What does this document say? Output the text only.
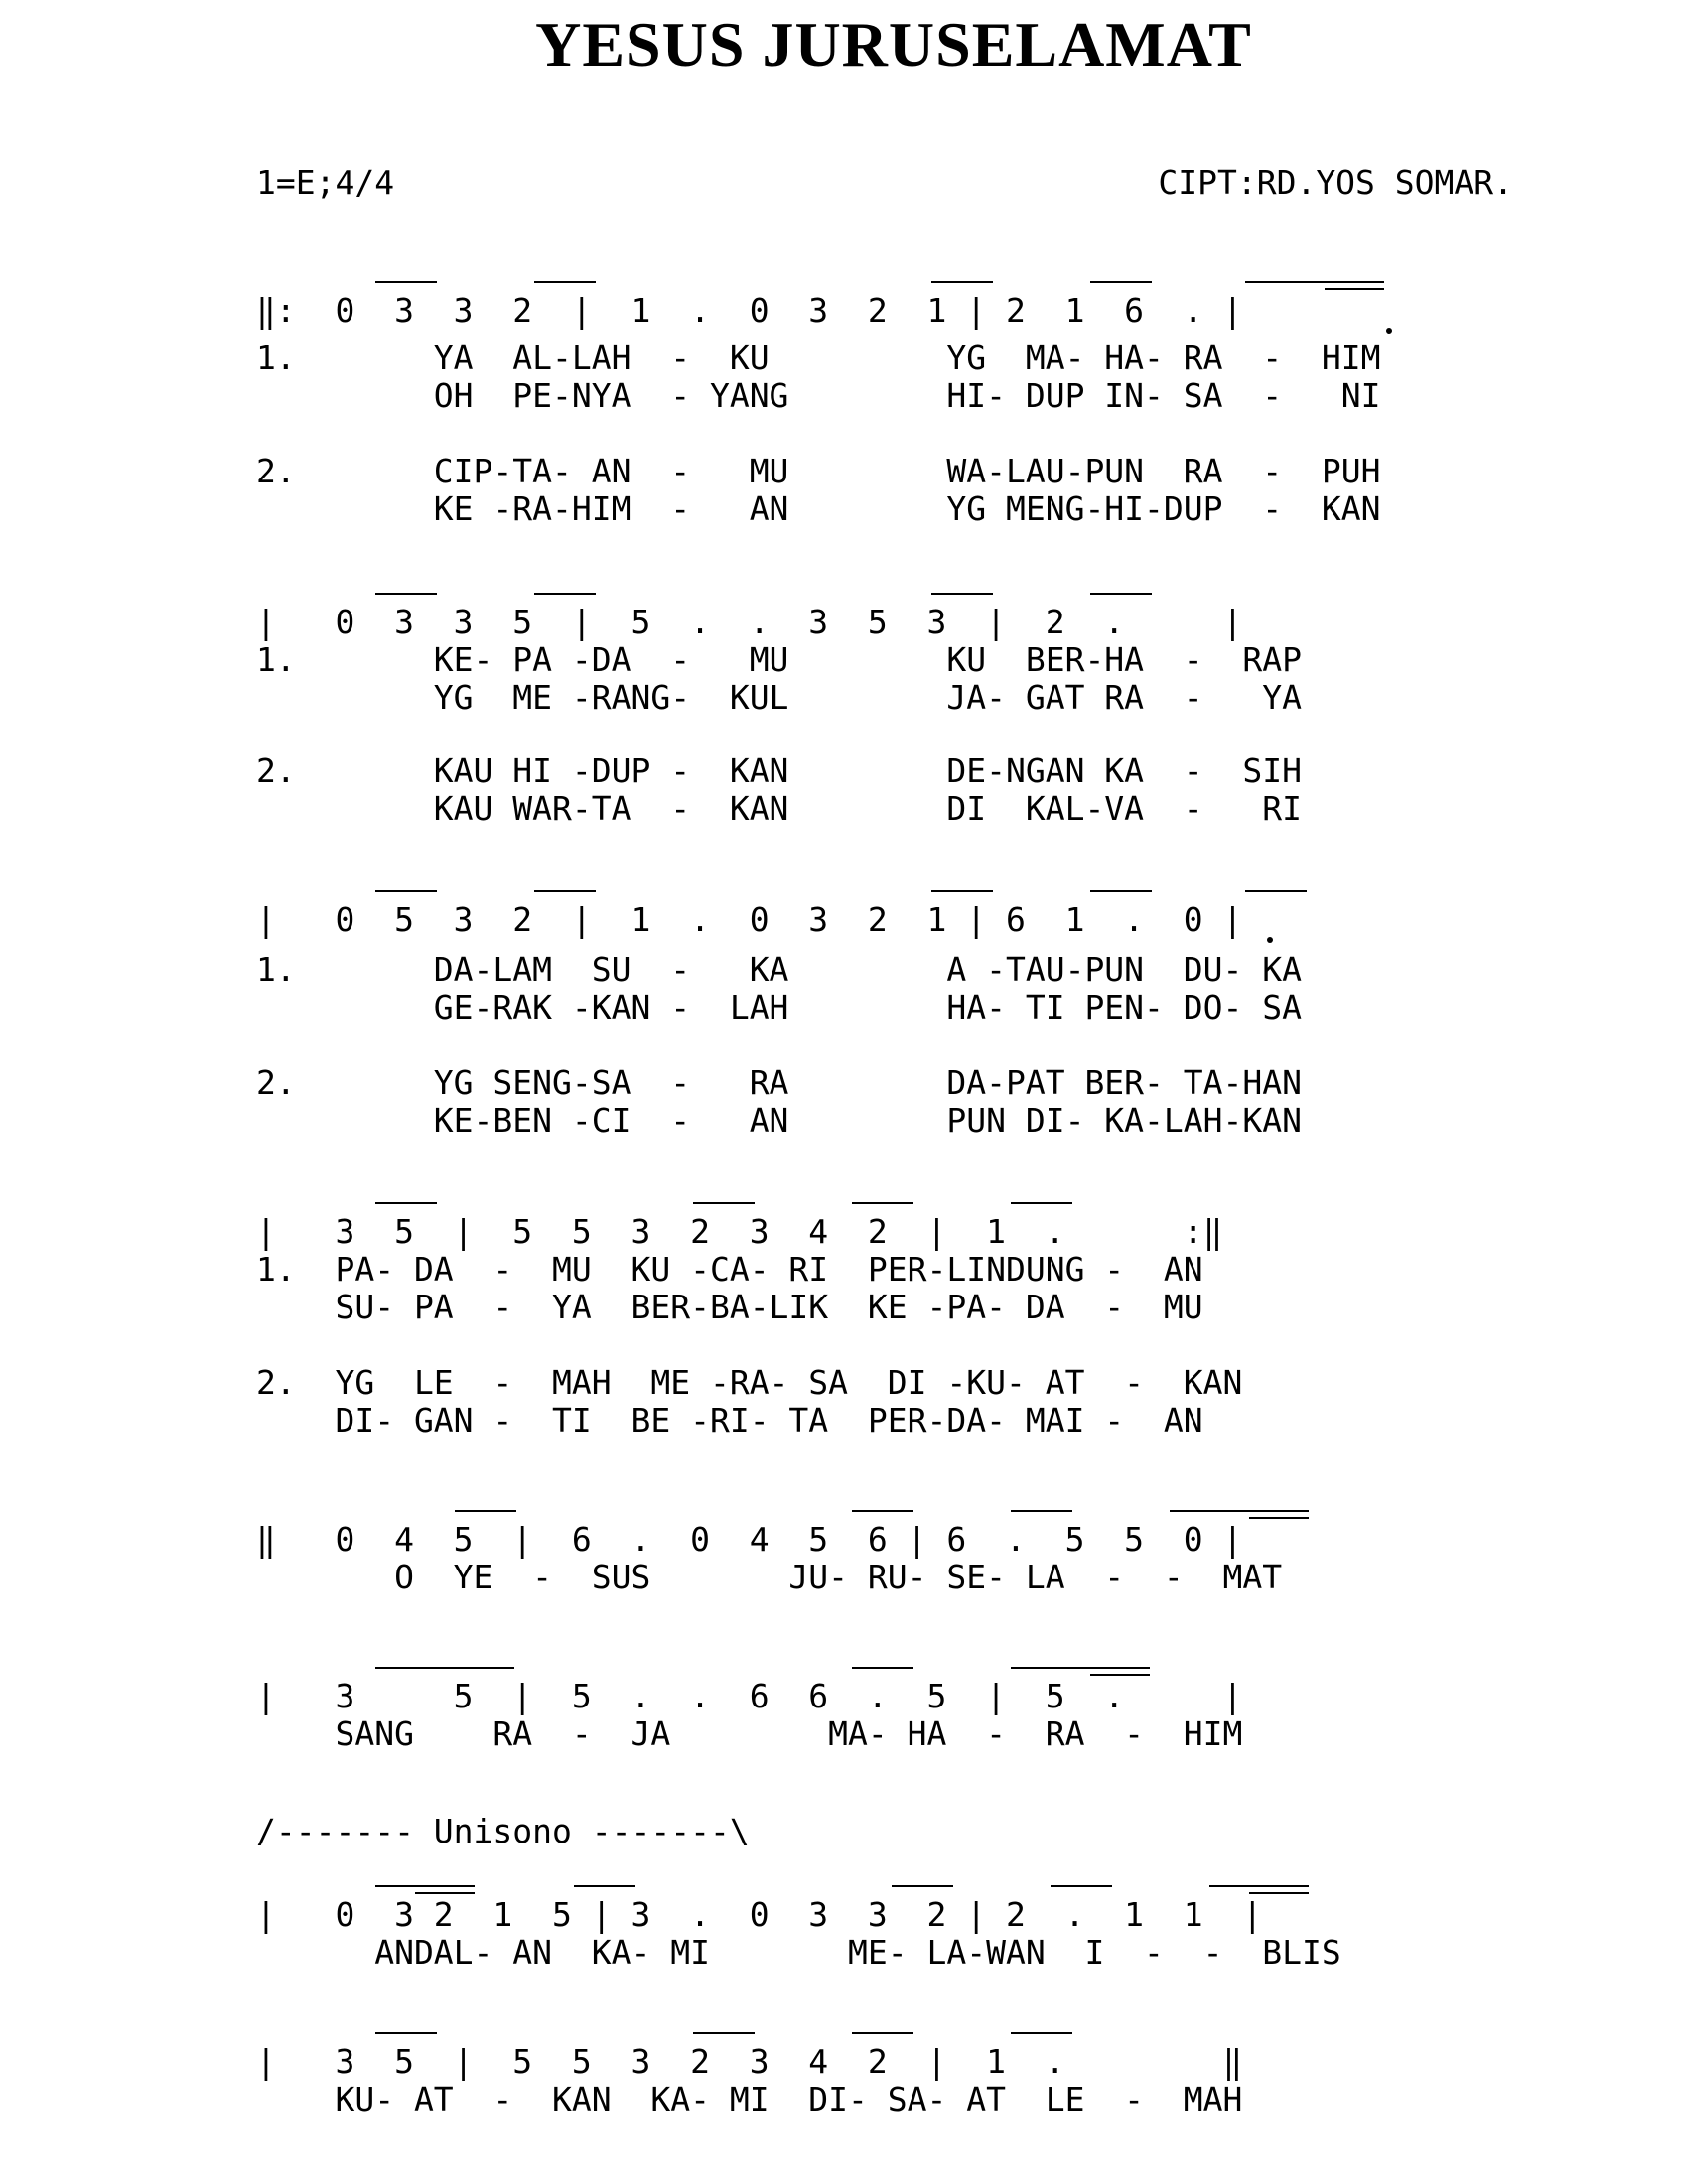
YESUS JURUSELAMAT
1=E;4/4	CIPT:RD.YOS SOMAR.
‖:  0  3  3  2  |  1  .  0  3  2  1 | 2  1  6  . |
1.       YA  AL-LAH  -  KU         YG  MA- HA- RA  -  HIM
OH  PE-NYA  - YANG        HI- DUP IN- SA  -   NI
2.       CIP-TA- AN  -   MU        WA-LAU-PUN  RA  -  PUH
KE -RA-HIM  -   AN        YG MENG-HI-DUP  -  KAN
|   0  3  3  5  |  5  .  .  3  5  3  |  2  .     |
1.       KE- PA -DA  -   MU        KU  BER-HA  -  RAP
YG  ME -RANG-  KUL        JA- GAT RA  -   YA
2.       KAU HI -DUP -  KAN        DE-NGAN KA  -  SIH
KAU WAR-TA  -  KAN        DI  KAL-VA  -   RI
|   0  5  3  2  |  1  .  0  3  2  1 | 6  1  .  0 |
1.       DA-LAM  SU  -   KA        A -TAU-PUN  DU- KA
GE-RAK -KAN -  LAH        HA- TI PEN- DO- SA
2.       YG SENG-SA  -   RA        DA-PAT BER- TA-HAN
KE-BEN -CI  -   AN        PUN DI- KA-LAH-KAN
|   3  5  |  5  5  3  2  3  4  2  |  1  .      :‖
1.  PA- DA  -  MU  KU -CA- RI  PER-LINDUNG -  AN
SU- PA  -  YA  BER-BA-LIK  KE -PA- DA  -  MU
2.  YG  LE  -  MAH  ME -RA- SA  DI -KU- AT  -  KAN
DI- GAN -  TI  BE -RI- TA  PER-DA- MAI -  AN
‖   0  4  5  |  6  .  0  4  5  6 | 6  .  5  5  0 |
O  YE  -  SUS       JU- RU- SE- LA  -  -  MAT
|   3     5  |  5  .  .  6  6  .  5  |  5  .     |
SANG    RA  -  JA        MA- HA  -  RA  -  HIM
/------- Unisono -------\
|   0  3 2  1  5 | 3  .  0  3  3  2 | 2  .  1  1  |
ANDAL- AN  KA- MI       ME- LA-WAN  I  -  -  BLIS
|   3  5  |  5  5  3  2  3  4  2  |  1  .        ‖
KU- AT  -  KAN  KA- MI  DI- SA- AT  LE  -  MAH
